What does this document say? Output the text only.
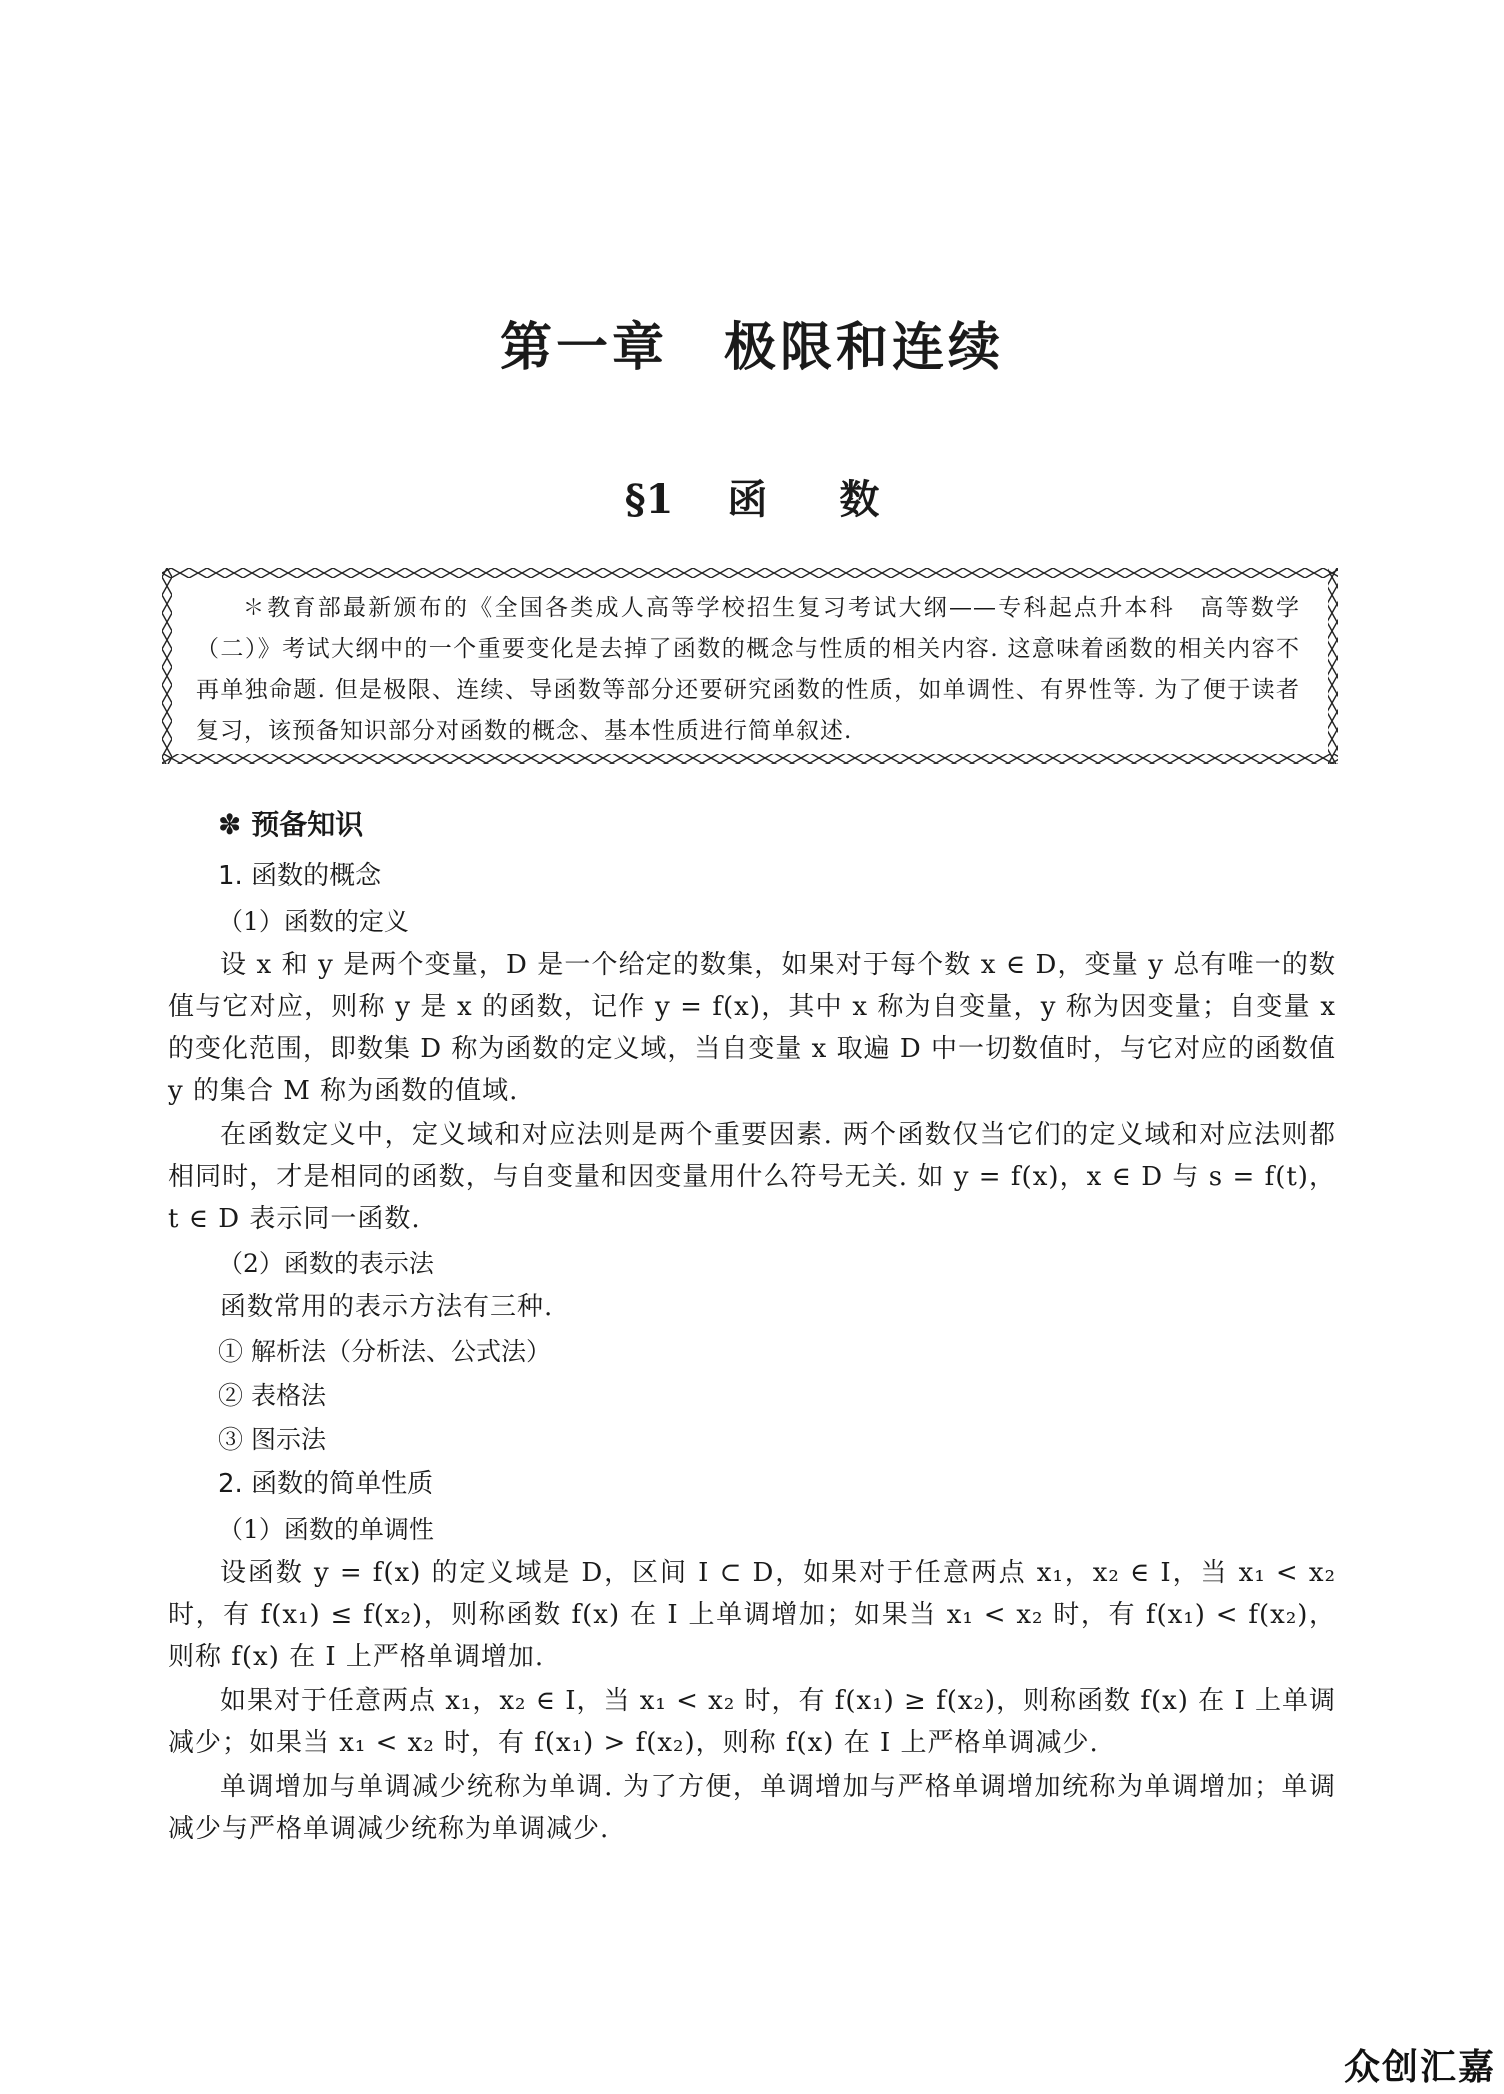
第一章 极限和连续
§1 函 数
✽教育部最新颁布的《全国各类成人高等学校招生复习考试大纲——专科起点升本科　高等数学（二）》考试大纲中的一个重要变化是去掉了函数的概念与性质的相关内容. 这意味着函数的相关内容不再单独命题. 但是极限、连续、导函数等部分还要研究函数的性质，如单调性、有界性等. 为了便于读者复习，该预备知识部分对函数的概念、基本性质进行简单叙述.
✽ 预备知识
1. 函数的概念
（1）函数的定义
设 x 和 y 是两个变量，D 是一个给定的数集，如果对于每个数 x ∈ D，变量 y 总有唯一的数值与它对应，则称 y 是 x 的函数，记作 y = f(x)，其中 x 称为自变量，y 称为因变量；自变量 x 的变化范围，即数集 D 称为函数的定义域，当自变量 x 取遍 D 中一切数值时，与它对应的函数值 y 的集合 M 称为函数的值域.
在函数定义中，定义域和对应法则是两个重要因素. 两个函数仅当它们的定义域和对应法则都相同时，才是相同的函数，与自变量和因变量用什么符号无关. 如 y = f(x)，x ∈ D 与 s = f(t)，t ∈ D 表示同一函数.
（2）函数的表示法
函数常用的表示方法有三种.
① 解析法（分析法、公式法）
② 表格法
③ 图示法
2. 函数的简单性质
（1）函数的单调性
设函数 y = f(x) 的定义域是 D，区间 I ⊂ D，如果对于任意两点 x₁，x₂ ∈ I，当 x₁ < x₂ 时，有 f(x₁) ≤ f(x₂)，则称函数 f(x) 在 I 上单调增加；如果当 x₁ < x₂ 时，有 f(x₁) < f(x₂)，则称 f(x) 在 I 上严格单调增加.
如果对于任意两点 x₁，x₂ ∈ I，当 x₁ < x₂ 时，有 f(x₁) ≥ f(x₂)，则称函数 f(x) 在 I 上单调减少；如果当 x₁ < x₂ 时，有 f(x₁) > f(x₂)，则称 f(x) 在 I 上严格单调减少.
单调增加与单调减少统称为单调. 为了方便，单调增加与严格单调增加统称为单调增加；单调减少与严格单调减少统称为单调减少.
众创汇嘉
